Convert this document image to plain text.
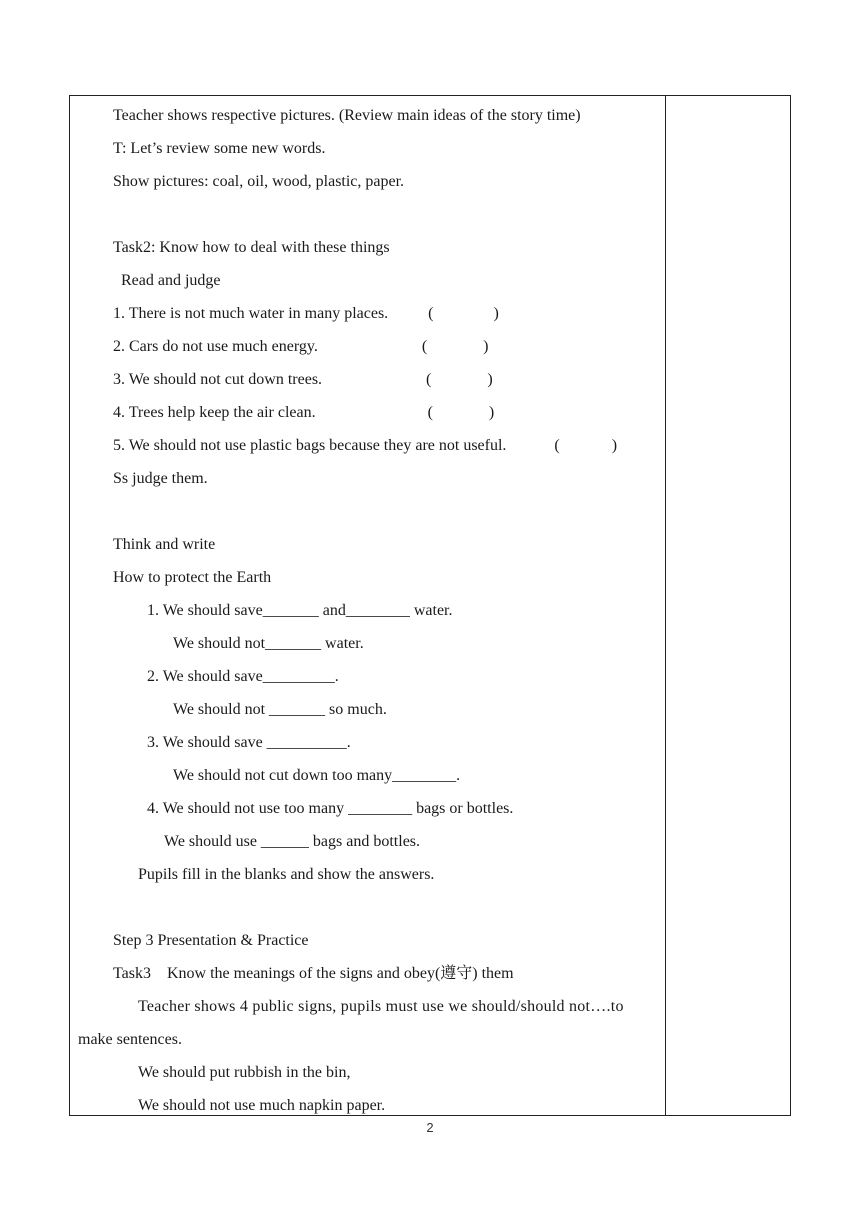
Teacher shows respective pictures. (Review main ideas of the story time)
T: Let’s review some new words.
Show pictures: coal, oil, wood, plastic, paper.
Task2: Know how to deal with these things
Read and judge
1. There is not much water in many places.          (               )
2. Cars do not use much energy.                          (              )
3. We should not cut down trees.                          (              )
4. Trees help keep the air clean.                            (              )
5. We should not use plastic bags because they are not useful.            (             )
Ss judge them.
Think and write
How to protect the Earth
1. We should save_______ and________ water.
We should not_______ water.
2. We should save_________.
We should not _______ so much.
3. We should save __________.
We should not cut down too many________.
4. We should not use too many ________ bags or bottles.
We should use ______ bags and bottles.
Pupils fill in the blanks and show the answers.
Step 3 Presentation & Practice
Task3    Know the meanings of the signs and obey(遵守) them
Teacher shows 4 public signs, pupils must use we should/should not….to
make sentences.
We should put rubbish in the bin,
We should not use much napkin paper.
2
